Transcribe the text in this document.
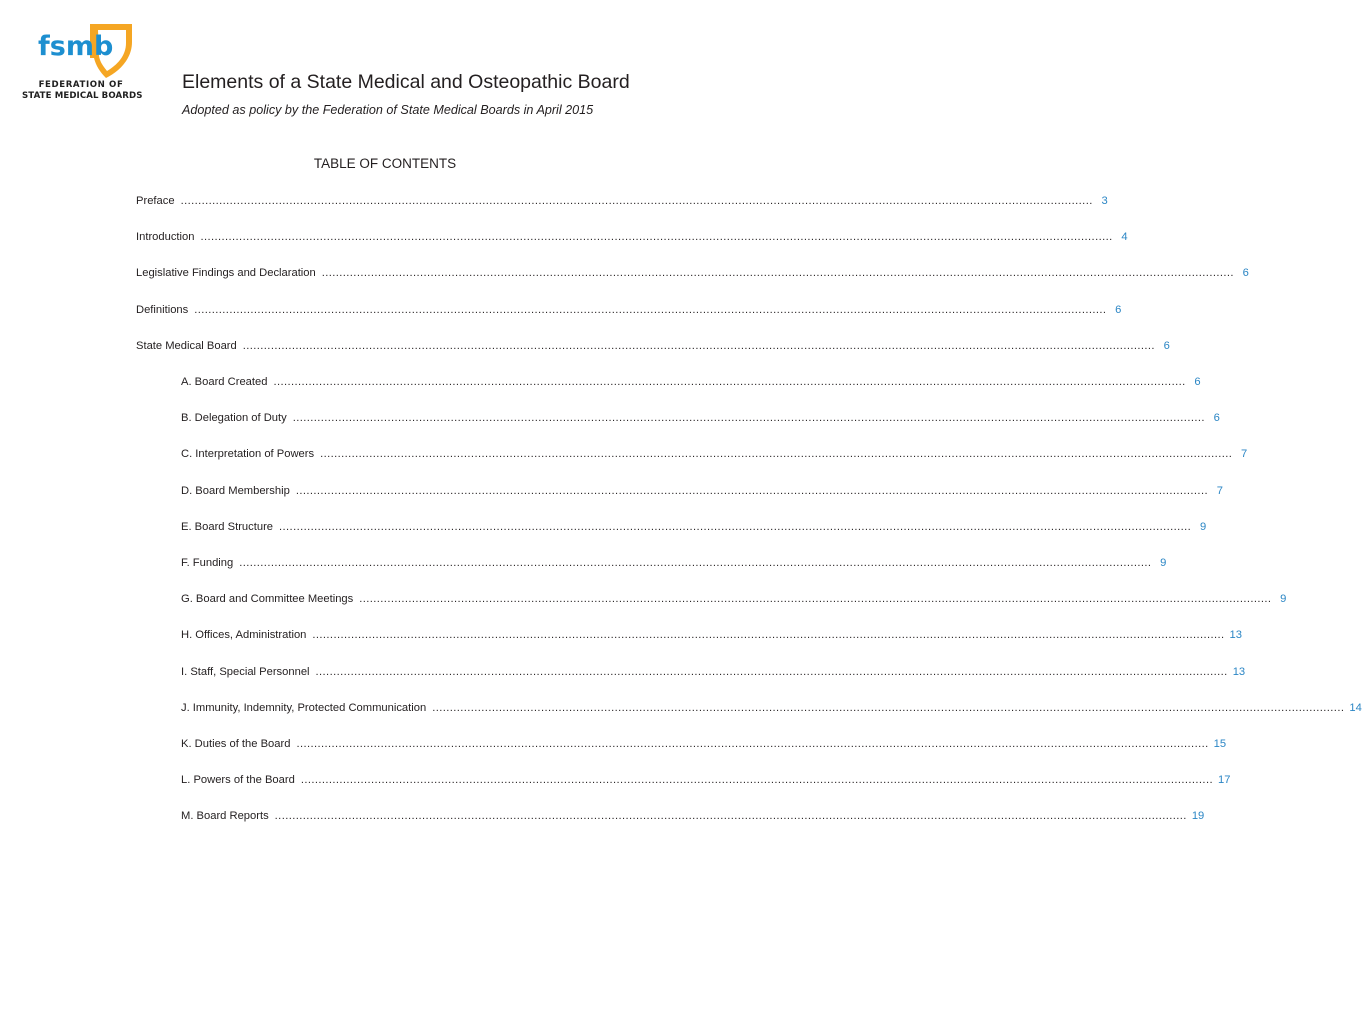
fsmb
FEDERATION OF
STATE MEDICAL BOARDS
Elements of a State Medical and Osteopathic Board
Adopted as policy by the Federation of State Medical Boards in April 2015
TABLE OF CONTENTS
Preface .................................................................................................................................................................................................................................................................... 3
Introduction .................................................................................................................................................................................................................................................................... 4
Legislative Findings and Declaration .................................................................................................................................................................................................................................................................... 6
Definitions .................................................................................................................................................................................................................................................................... 6
State Medical Board .................................................................................................................................................................................................................................................................... 6
A. Board Created .................................................................................................................................................................................................................................................................... 6
B. Delegation of Duty .................................................................................................................................................................................................................................................................... 6
C. Interpretation of Powers .................................................................................................................................................................................................................................................................... 7
D. Board Membership .................................................................................................................................................................................................................................................................... 7
E. Board Structure .................................................................................................................................................................................................................................................................... 9
F. Funding .................................................................................................................................................................................................................................................................... 9
G. Board and Committee Meetings .................................................................................................................................................................................................................................................................... 9
H. Offices, Administration .................................................................................................................................................................................................................................................................... 13
I. Staff, Special Personnel .................................................................................................................................................................................................................................................................... 13
J. Immunity, Indemnity, Protected Communication .................................................................................................................................................................................................................................................................... 14
K. Duties of the Board .................................................................................................................................................................................................................................................................... 15
L. Powers of the Board .................................................................................................................................................................................................................................................................... 17
M. Board Reports .................................................................................................................................................................................................................................................................... 19
